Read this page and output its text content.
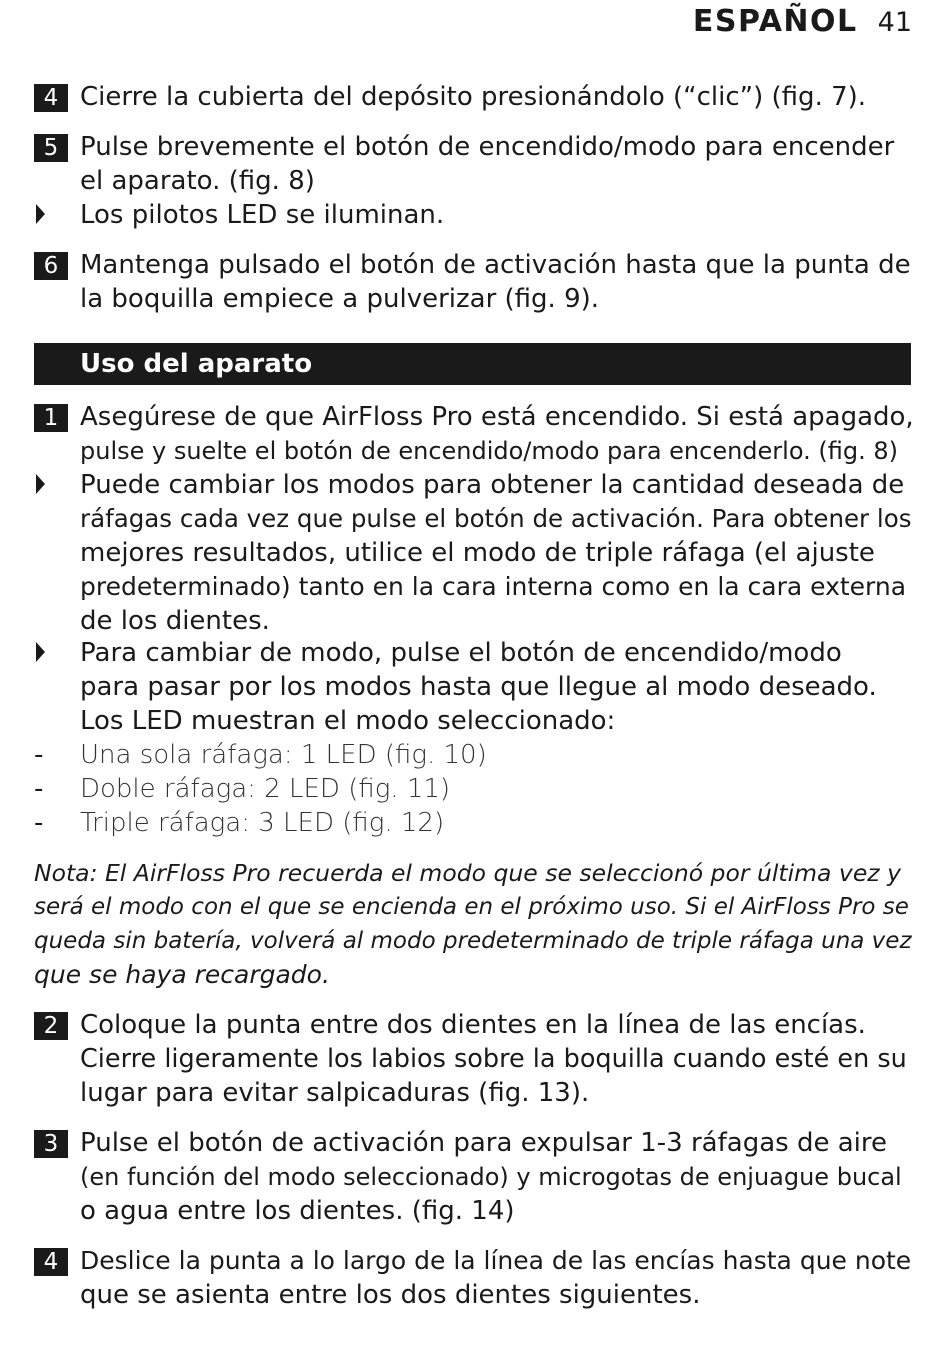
ESPAÑOL 41
4 Cierre la cubierta del depósito presionándolo (“clic”) (fig. 7).
5 Pulse brevemente el botón de encendido/modo para encender
el aparato. (fig. 8)
Los pilotos LED se iluminan.
6 Mantenga pulsado el botón de activación hasta que la punta de
la boquilla empiece a pulverizar (fig. 9).
Uso del aparato
1 Asegúrese de que AirFloss Pro está encendido. Si está apagado,
pulse y suelte el botón de encendido/modo para encenderlo. (fig. 8)
Puede cambiar los modos para obtener la cantidad deseada de
ráfagas cada vez que pulse el botón de activación. Para obtener los
mejores resultados, utilice el modo de triple ráfaga (el ajuste
predeterminado) tanto en la cara interna como en la cara externa
de los dientes.
Para cambiar de modo, pulse el botón de encendido/modo
para pasar por los modos hasta que llegue al modo deseado.
Los LED muestran el modo seleccionado:
- Una sola ráfaga: 1 LED (fig. 10)
- Doble ráfaga: 2 LED (fig. 11)
- Triple ráfaga: 3 LED (fig. 12)
Nota: El AirFloss Pro recuerda el modo que se seleccionó por última vez y
será el modo con el que se encienda en el próximo uso. Si el AirFloss Pro se
queda sin batería, volverá al modo predeterminado de triple ráfaga una vez
que se haya recargado.
2 Coloque la punta entre dos dientes en la línea de las encías.
Cierre ligeramente los labios sobre la boquilla cuando esté en su
lugar para evitar salpicaduras (fig. 13).
3 Pulse el botón de activación para expulsar 1-3 ráfagas de aire
(en función del modo seleccionado) y microgotas de enjuague bucal
o agua entre los dientes. (fig. 14)
4 Deslice la punta a lo largo de la línea de las encías hasta que note
que se asienta entre los dos dientes siguientes.
